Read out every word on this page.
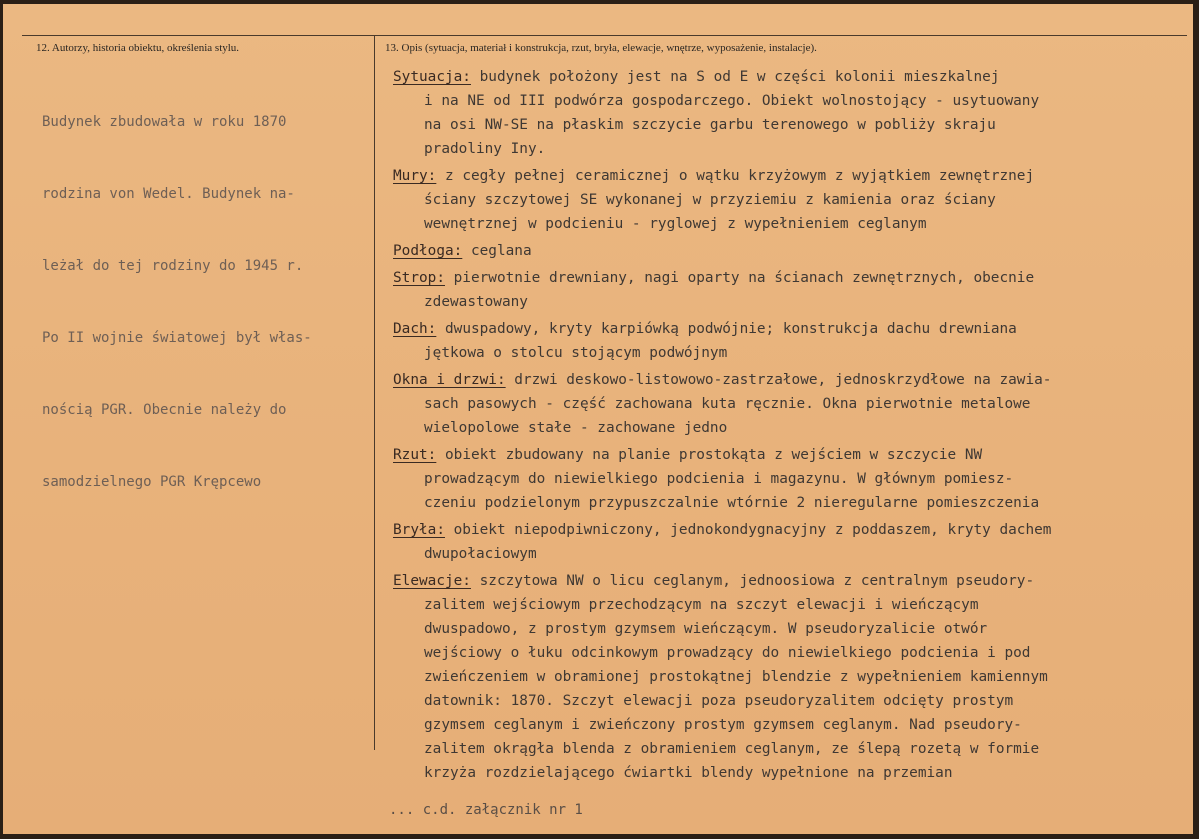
12. Autorzy, historia obiektu, określenia stylu.	13. Opis (sytuacja, materiał i konstrukcja, rzut, bryła, elewacje, wnętrze, wyposażenie, instalacje).

Budynek zbudowała w roku 1870

rodzina von Wedel. Budynek na-

leżał do tej rodziny do 1945 r.

Po II wojnie światowej był włas-

nością PGR. Obecnie należy do

samodzielnego PGR Krępcewo

Sytuacja: budynek położony jest na S od E w części kolonii mieszkalnej
i na NE od III podwórza gospodarczego. Obiekt wolnostojący - usytuowany
na osi NW-SE na płaskim szczycie garbu terenowego w pobliży skraju
pradoliny Iny.
Mury: z cegły pełnej ceramicznej o wątku krzyżowym z wyjątkiem zewnętrznej
ściany szczytowej SE wykonanej w przyziemiu z kamienia oraz ściany
wewnętrznej w podcieniu - ryglowej z wypełnieniem ceglanym
Podłoga: ceglana
Strop: pierwotnie drewniany, nagi oparty na ścianach zewnętrznych, obecnie
zdewastowany
Dach: dwuspadowy, kryty karpiówką podwójnie; konstrukcja dachu drewniana
jętkowa o stolcu stojącym podwójnym
Okna i drzwi: drzwi deskowo-listowowo-zastrzałowe, jednoskrzydłowe na zawia-
sach pasowych - część zachowana kuta ręcznie. Okna pierwotnie metalowe
wielopolowe stałe - zachowane jedno
Rzut: obiekt zbudowany na planie prostokąta z wejściem w szczycie NW
prowadzącym do niewielkiego podcienia i magazynu. W głównym pomiesz-
czeniu podzielonym przypuszczalnie wtórnie 2 nieregularne pomieszczenia
Bryła: obiekt niepodpiwniczony, jednokondygnacyjny z poddaszem, kryty dachem
dwupołaciowym
Elewacje: szczytowa NW o licu ceglanym, jednoosiowa z centralnym pseudory-
zalitem wejściowym przechodzącym na szczyt elewacji i wieńczącym
dwuspadowo, z prostym gzymsem wieńczącym. W pseudoryzalicie otwór
wejściowy o łuku odcinkowym prowadzący do niewielkiego podcienia i pod
zwieńczeniem w obramionej prostokątnej blendzie z wypełnieniem kamiennym
datownik: 1870. Szczyt elewacji poza pseudoryzalitem odcięty prostym
gzymsem ceglanym i zwieńczony prostym gzymsem ceglanym. Nad pseudory-
zalitem okrągła blenda z obramieniem ceglanym, ze ślepą rozetą w formie
krzyża rozdzielającego ćwiartki blendy wypełnione na przemian
... c.d. załącznik nr 1
